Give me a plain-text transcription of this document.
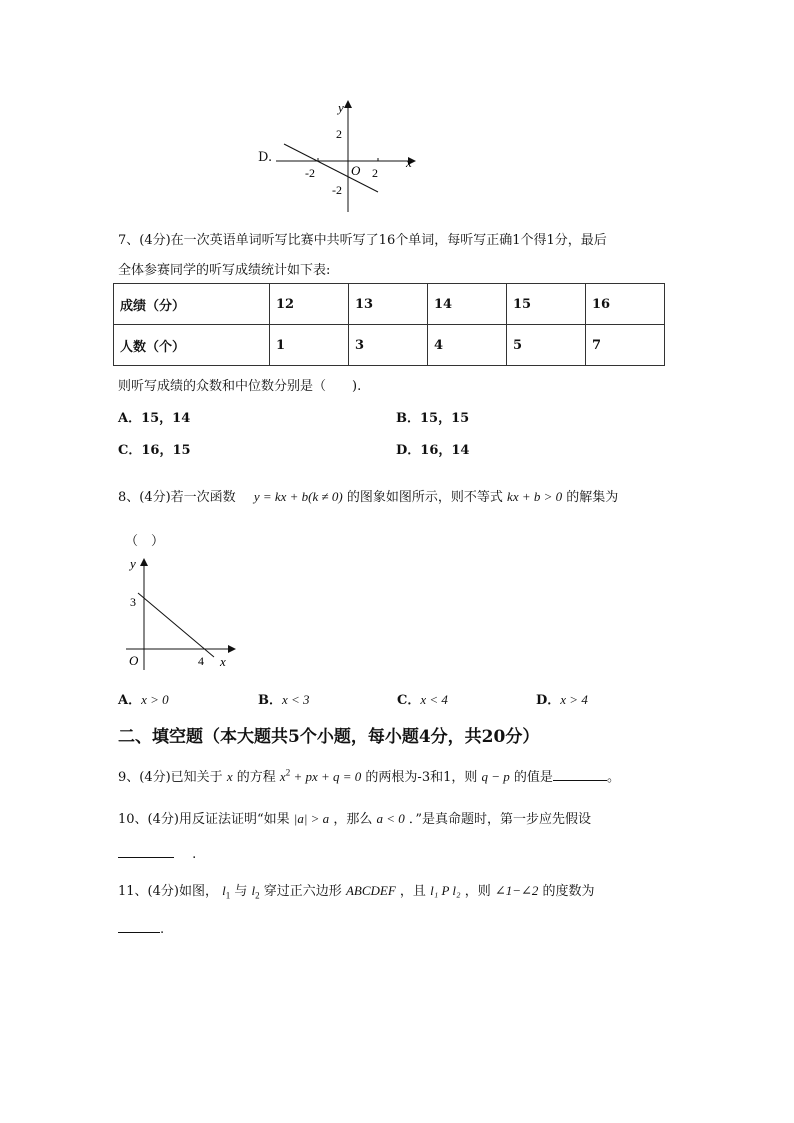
D.	x
y
O
2
-2	2
-2
7、(4分)在一次英语单词听写比赛中共听写了16个单词，每听写正确1个得1分，最后
全体参赛同学的听写成绩统计如下表:
成绩（分）	12	13	14	15	16
人数（个）	1	3	4	5	7
则听写成绩的众数和中位数分别是（　　).
A．15，14	B．15，15
C．16，15	D．16，14
8、(4分)若一次函数 y = kx + b(k ≠ 0) 的图象如图所示，则不等式 kx + b > 0 的解集为
（　）
x
y
O
3
4
A．x > 0	B．x < 3	C．x < 4	D．x > 4
二、填空题（本大题共5个小题，每小题4分，共20分）
9、(4分)已知关于 x 的方程 $x^2$ + px + q = 0 的两根为-3和1，则 q − p 的值是	。
10、(4分)用反证法证明“如果 |a| > a ，那么 a < 0 ．”是真命题时，第一步应先假设
.
11、(4分)如图， $l_1$ 与 $l_2$ 穿过正六边形 ABCDEF ，且 l₁ P l₂ ，则 ∠1−∠2 的度数为
.
